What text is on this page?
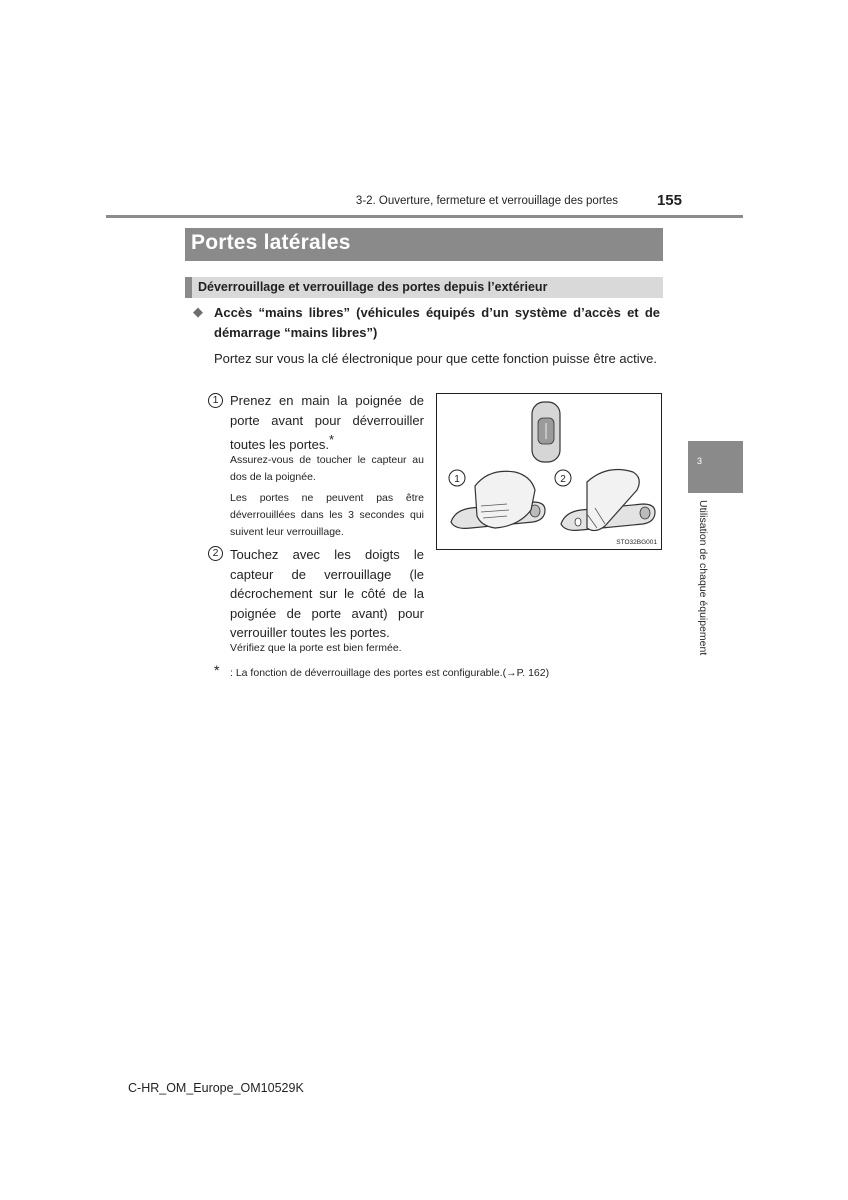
3-2. Ouverture, fermeture et verrouillage des portes	155
Portes latérales
Déverrouillage et verrouillage des portes depuis l’extérieur
◆ Accès “mains libres” (véhicules équipés d’un système d’accès et de démarrage “mains libres”)
Portez sur vous la clé électronique pour que cette fonction puisse être active.
1 Prenez en main la poignée de porte avant pour déverrouiller toutes les portes.*
Assurez-vous de toucher le capteur au dos de la poignée.
Les portes ne peuvent pas être déverrouillées dans les 3 secondes qui suivent leur verrouillage.
2 Touchez avec les doigts le capteur de verrouillage (le décrochement sur le côté de la poignée de porte avant) pour verrouiller toutes les portes.
Vérifiez que la porte est bien fermée.
* : La fonction de déverrouillage des portes est configurable.(→P. 162)
1	2
STO32BG001
3
Utilisation de chaque équipement
C-HR_OM_Europe_OM10529K
